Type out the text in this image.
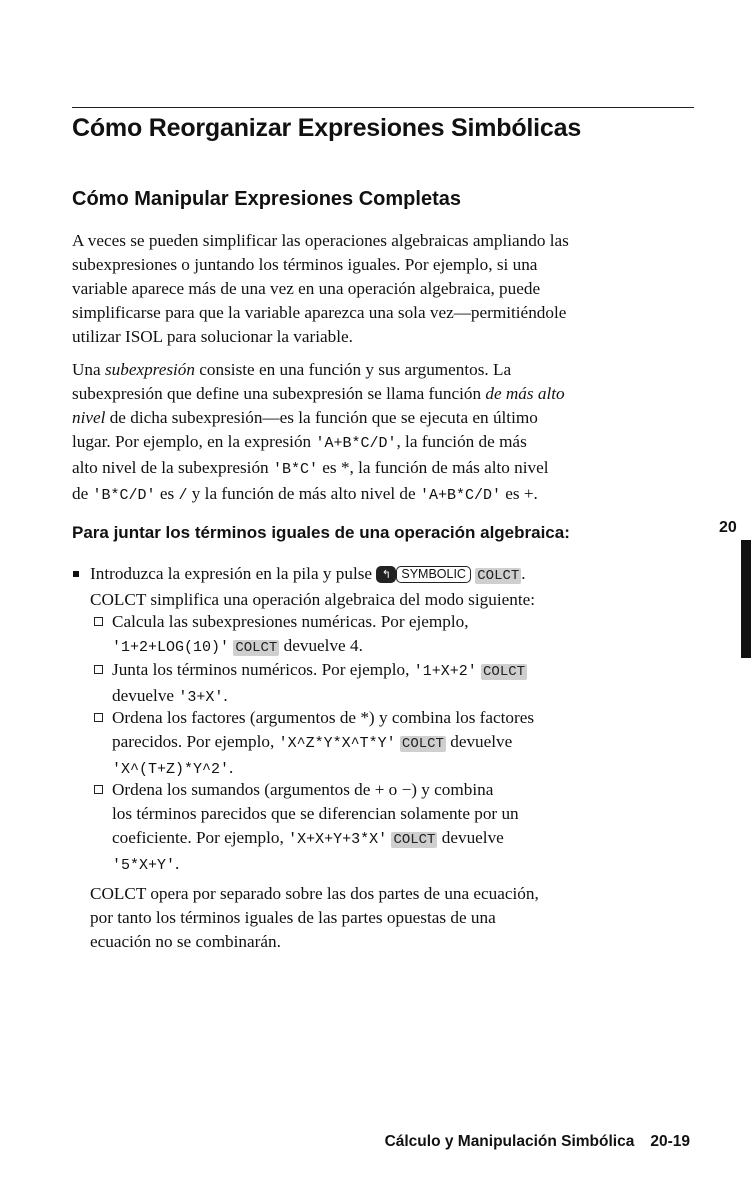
Cómo Reorganizar Expresiones Simbólicas
Cómo Manipular Expresiones Completas
A veces se pueden simplificar las operaciones algebraicas ampliando las
subexpresiones o juntando los términos iguales. Por ejemplo, si una
variable aparece más de una vez en una operación algebraica, puede
simplificarse para que la variable aparezca una sola vez—permitiéndole
utilizar ISOL para solucionar la variable.
Una subexpresión consiste en una función y sus argumentos. La
subexpresión que define una subexpresión se llama función de más alto
nivel de dicha subexpresión—es la función que se ejecuta en último
lugar. Por ejemplo, en la expresión 'A+B*C/D', la función de más
alto nivel de la subexpresión 'B*C' es *, la función de más alto nivel
de 'B*C/D' es / y la función de más alto nivel de 'A+B*C/D' es +.
Para juntar los términos iguales de una operación algebraica:	20
Introduzca la expresión en la pila y pulse ↰ SYMBOLIC COLCT .
COLCT simplifica una operación algebraica del modo siguiente:
Calcula las subexpresiones numéricas. Por ejemplo,
'1+2+LOG(10)' COLCT devuelve 4.
Junta los términos numéricos. Por ejemplo, '1+X+2' COLCT
devuelve '3+X'.
Ordena los factores (argumentos de *) y combina los factores
parecidos. Por ejemplo, 'X^Z*Y*X^T*Y' COLCT devuelve
'X^(T+Z)*Y^2'.
Ordena los sumandos (argumentos de + o −) y combina
los términos parecidos que se diferencian solamente por un
coeficiente. Por ejemplo, 'X+X+Y+3*X' COLCT devuelve
'5*X+Y'.
COLCT opera por separado sobre las dos partes de una ecuación,
por tanto los términos iguales de las partes opuestas de una
ecuación no se combinarán.
Cálculo y Manipulación Simbólica 20-19
